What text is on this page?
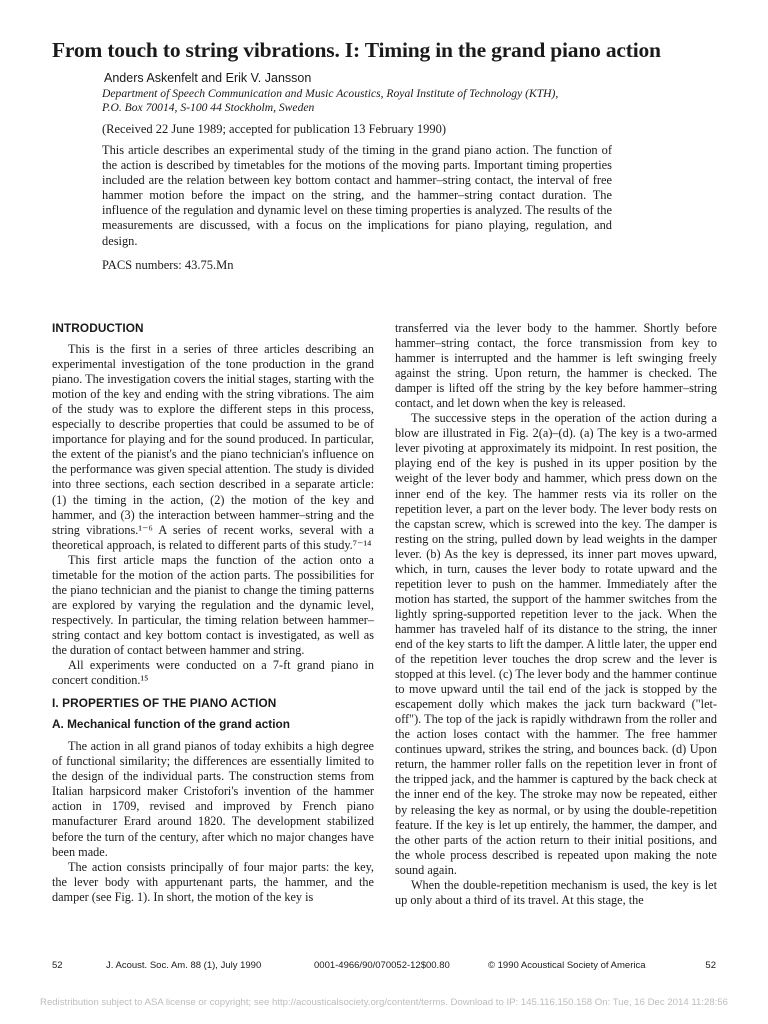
From touch to string vibrations. I: Timing in the grand piano action
Anders Askenfelt and Erik V. Jansson
Department of Speech Communication and Music Acoustics, Royal Institute of Technology (KTH),
P.O. Box 70014, S-100 44 Stockholm, Sweden
(Received 22 June 1989; accepted for publication 13 February 1990)

This article describes an experimental study of the timing in the grand piano action. The function of the action is described by timetables for the motions of the moving parts. Important timing properties included are the relation between key bottom contact and hammer–string contact, the interval of free hammer motion before the impact on the string, and the hammer–string contact duration. The influence of the regulation and dynamic level on these timing properties is analyzed. The results of the measurements are discussed, with a focus on the implications for piano playing, regulation, and design.

PACS numbers: 43.75.Mn
INTRODUCTION

This is the first in a series of three articles describing an experimental investigation of the tone production in the grand piano. The investigation covers the initial stages, starting with the motion of the key and ending with the string vibrations. The aim of the study was to explore the different steps in this process, especially to describe properties that could be assumed to be of importance for playing and for the sound produced. In particular, the extent of the pianist's and the piano technician's influence on the performance was given special attention. The study is divided into three sections, each section described in a separate article: (1) the timing in the action, (2) the motion of the key and hammer, and (3) the interaction between hammer–string and the string vibrations.¹⁻⁶ A series of recent works, several with a theoretical approach, is related to different parts of this study.⁷⁻¹⁴

This first article maps the function of the action onto a timetable for the motion of the action parts. The possibilities for the piano technician and the pianist to change the timing patterns are explored by varying the regulation and the dynamic level, respectively. In particular, the timing relation between hammer–string contact and key bottom contact is investigated, as well as the duration of contact between hammer and string.

All experiments were conducted on a 7-ft grand piano in concert condition.¹⁵

I. PROPERTIES OF THE PIANO ACTION
A. Mechanical function of the grand action

The action in all grand pianos of today exhibits a high degree of functional similarity; the differences are essentially limited to the design of the individual parts. The construction stems from Italian harpsicord maker Cristofori's invention of the hammer action in 1709, revised and improved by French piano manufacturer Erard around 1820. The development stabilized before the turn of the century, after which no major changes have been made.

The action consists principally of four major parts: the key, the lever body with appurtenant parts, the hammer, and the damper (see Fig. 1). In short, the motion of the key is

transferred via the lever body to the hammer. Shortly before hammer–string contact, the force transmission from key to hammer is interrupted and the hammer is left swinging freely against the string. Upon return, the hammer is checked. The damper is lifted off the string by the key before hammer–string contact, and let down when the key is released.

The successive steps in the operation of the action during a blow are illustrated in Fig. 2(a)–(d). (a) The key is a two-armed lever pivoting at approximately its midpoint. In rest position, the playing end of the key is pushed in its upper position by the weight of the lever body and hammer, which press down on the inner end of the key. The hammer rests via its roller on the repetition lever, a part on the lever body. The lever body rests on the capstan screw, which is screwed into the key. The damper is resting on the string, pulled down by lead weights in the damper lever. (b) As the key is depressed, its inner part moves upward, which, in turn, causes the lever body to rotate upward and the repetition lever to push on the hammer. Immediately after the motion has started, the support of the hammer switches from the lightly spring-supported repetition lever to the jack. When the hammer has traveled half of its distance to the string, the inner end of the key starts to lift the damper. A little later, the upper end of the repetition lever touches the drop screw and the lever is stopped at this level. (c) The lever body and the hammer continue to move upward until the tail end of the jack is stopped by the escapement dolly which makes the jack turn backward ("let-off"). The top of the jack is rapidly withdrawn from the roller and the action loses contact with the hammer. The free hammer continues upward, strikes the string, and bounces back. (d) Upon return, the hammer roller falls on the repetition lever in front of the tripped jack, and the hammer is captured by the back check at the inner end of the key. The stroke may now be repeated, either by releasing the key as normal, or by using the double-repetition feature. If the key is let up entirely, the hammer, the damper, and the other parts of the action return to their initial positions, and the whole process described is repeated upon making the note sound again.

When the double-repetition mechanism is used, the key is let up only about a third of its travel. At this stage, the

52	J. Acoust. Soc. Am. 88 (1), July 1990	0001-4966/90/070052-12$00.80	© 1990 Acoustical Society of America	52
Redistribution subject to ASA license or copyright; see http://acousticalsociety.org/content/terms. Download to IP: 145.116.150.158 On: Tue, 16 Dec 2014 11:28:56
